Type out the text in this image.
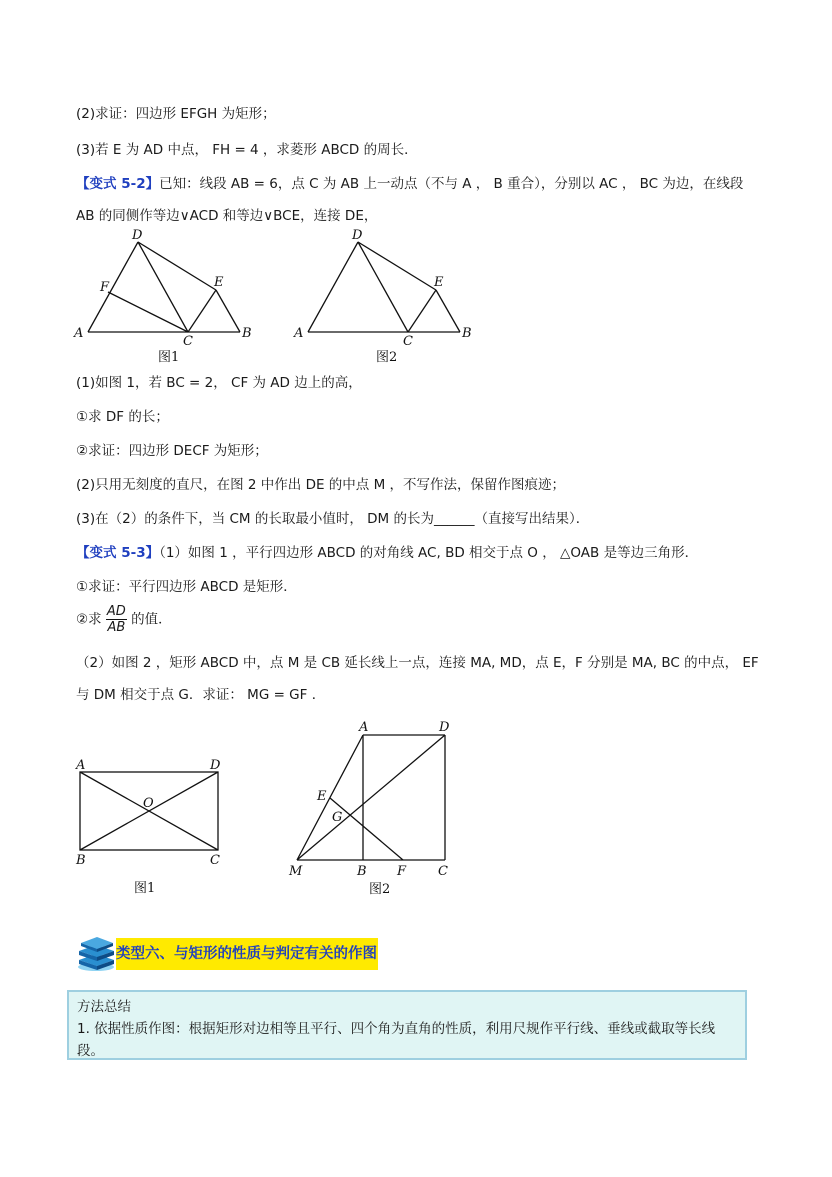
(2)求证：四边形 EFGH 为矩形；
(3)若 E 为 AD 中点， FH = 4 ，求菱形 ABCD 的周长．
【变式 5-2】已知：线段 AB = 6，点 C 为 AB 上一动点（不与 A ， B 重合），分别以 AC ， BC 为边，在线段
AB 的同侧作等边∨ACD 和等边∨BCE，连接 DE，
D
F	E
A
C
B
图1
D
E
A
C
B
图2
(1)如图 1，若 BC = 2， CF 为 AD 边上的高，
①求 DF 的长；
②求证：四边形 DECF 为矩形；
(2)只用无刻度的直尺，在图 2 中作出 DE 的中点 M ，不写作法，保留作图痕迹；
(3)在（2）的条件下，当 CM 的长取最小值时， DM 的长为______（直接写出结果）．
【变式 5-3】（1）如图 1 ，平行四边形 ABCD 的对角线 AC, BD 相交于点 O ， △OAB 是等边三角形．
①求证：平行四边形 ABCD 是矩形．
②求 $\frac{AD}{AB}$ 的值．
（2）如图 2 ，矩形 ABCD 中，点 M 是 CB 延长线上一点，连接 MA, MD，点 E，F 分别是 MA, BC 的中点， EF 与 DM 相交于点 G．求证： MG = GF ．
A	D
O
B	C
图1
A	D
E
G
M	B F C
图2
类型六、与矩形的性质与判定有关的作图
方法总结
1. 依据性质作图：根据矩形对边相等且平行、四个角为直角的性质，利用尺规作平行线、垂线或截取等长线段。
